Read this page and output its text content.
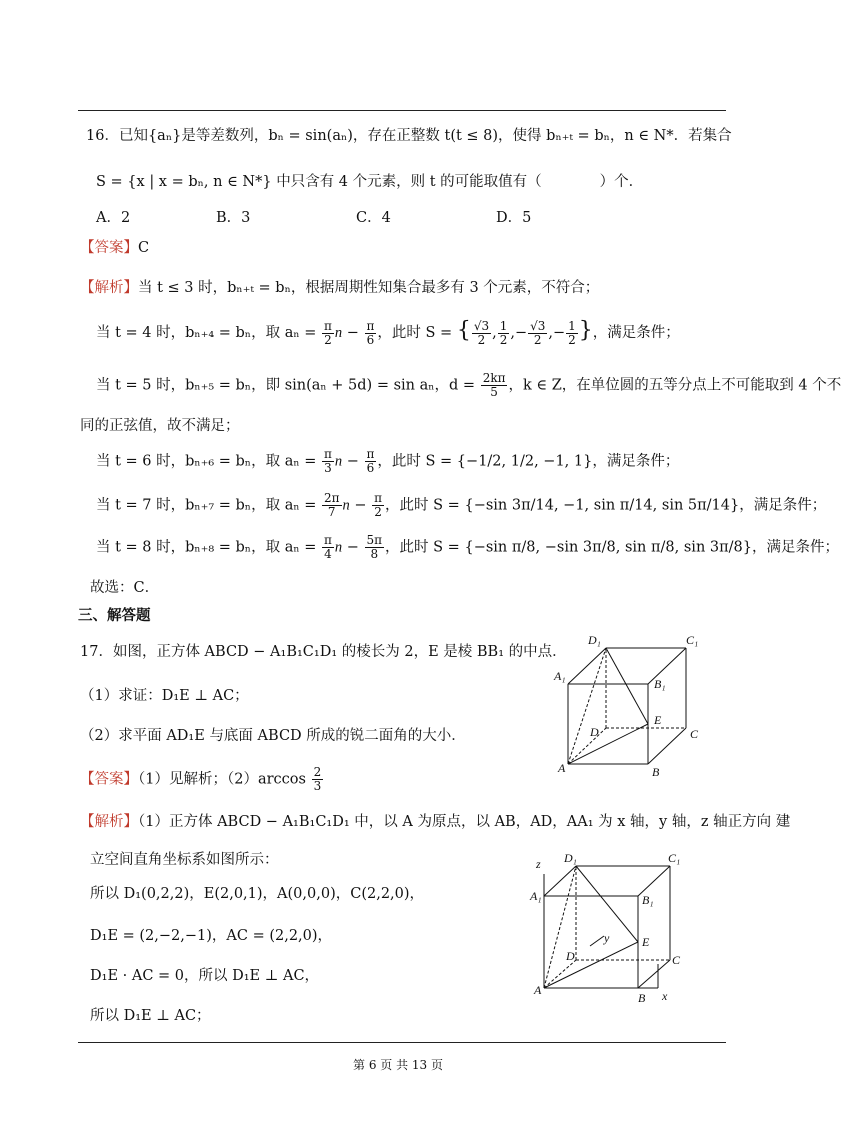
16．已知{aₙ}是等差数列，bₙ = sin(aₙ)，存在正整数 t(t ≤ 8)，使得 bₙ₊ₜ = bₙ，n ∈ N*．若集合
S = {x | x = bₙ, n ∈ N*} 中只含有 4 个元素，则 t 的可能取值有（　　　　）个．
A．2	B．3	C．4	D．5
【答案】C
【解析】当 t ≤ 3 时，bₙ₊ₜ = bₙ，根据周期性知集合最多有 3 个元素，不符合；
当 t = 4 时，bₙ₊₄ = bₙ，取 $a_n = \frac{\pi}{2}$ $n - \frac{\pi}{6}$ ，此时 S = { $\frac{√3}{2}$ , $\frac{1}{2}$ ,− $\frac{√3}{2}$ ,− $\frac{1}{2}$ }，满足条件；
当 t = 5 时，bₙ₊₅ = bₙ，即 sin(aₙ + 5d) = sin aₙ，$d = \frac{2k\pi}{5}$ ，k ∈ Z，在单位圆的五等分点上不可能取到 4 个不
同的正弦值，故不满足；
当 t = 6 时，bₙ₊₆ = bₙ，取 $a_n = \frac{\pi}{3}$ $n - \frac{\pi}{6}$ ，此时 S = {−1/2, 1/2, −1, 1}，满足条件；
当 t = 7 时，bₙ₊₇ = bₙ，取 $a_n = \frac{2\pi}{7}$ $n - \frac{\pi}{2}$ ，此时 S = {−sin 3π/14, −1, sin π/14, sin 5π/14}，满足条件；
当 t = 8 时，bₙ₊₈ = bₙ，取 $a_n = \frac{\pi}{4}$ $n - \frac{5\pi}{8}$ ，此时 S = {−sin π/8, −sin 3π/8, sin π/8, sin 3π/8}，满足条件；
故选：C．
三、解答题
17．如图，正方体 ABCD − A₁B₁C₁D₁ 的棱长为 2，E 是棱 BB₁ 的中点．
（1）求证：D₁E ⊥ AC；
（2）求平面 AD₁E 与底面 ABCD 所成的锐二面角的大小．
【答案】（1）见解析；$(2)\arccos \frac{2}{3}$
【解析】（1）正方体 ABCD − A₁B₁C₁D₁ 中，以 A 为原点，以 AB，AD，AA₁ 为 x 轴，y 轴，z 轴正方向 建
立空间直角坐标系如图所示：
所以 D₁(0,2,2)，E(2,0,1)，A(0,0,0)，C(2,2,0)，
D₁E = (2,−2,−1)，AC = (2,2,0)，
D₁E · AC = 0，所以 D₁E ⊥ AC，
所以 D₁E ⊥ AC；
D₁	C₁
A₁
B₁
E
D	C
A	B
z D₁	C₁
A₁	B₁
y	E
D	C
A
B x
第 6 页 共 13 页
